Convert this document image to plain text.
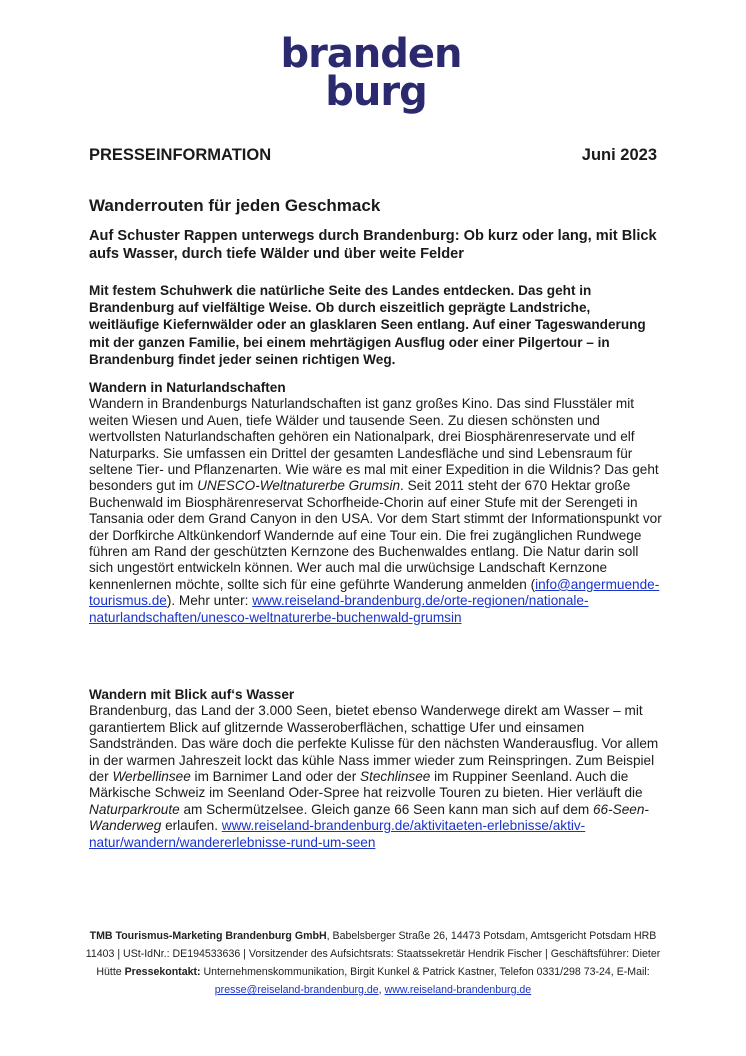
branden
burg
PRESSEINFORMATION	Juni 2023
Wanderrouten für jeden Geschmack
Auf Schuster Rappen unterwegs durch Brandenburg: Ob kurz oder lang, mit Blick aufs Wasser, durch tiefe Wälder und über weite Felder
Mit festem Schuhwerk die natürliche Seite des Landes entdecken. Das geht in Brandenburg auf vielfältige Weise. Ob durch eiszeitlich geprägte Landstriche, weitläufige Kiefernwälder oder an glasklaren Seen entlang. Auf einer Tageswanderung mit der ganzen Familie, bei einem mehrtägigen Ausflug oder einer Pilgertour – in Brandenburg findet jeder seinen richtigen Weg.
Wandern in Naturlandschaften

Wandern in Brandenburgs Naturlandschaften ist ganz großes Kino. Das sind Flusstäler mit weiten Wiesen und Auen, tiefe Wälder und tausende Seen. Zu diesen schönsten und wertvollsten Naturlandschaften gehören ein Nationalpark, drei Biosphärenreservate und elf Naturparks. Sie umfassen ein Drittel der gesamten Landesfläche und sind Lebensraum für seltene Tier- und Pflanzenarten. Wie wäre es mal mit einer Expedition in die Wildnis? Das geht besonders gut im UNESCO-Weltnaturerbe Grumsin. Seit 2011 steht der 670 Hektar große Buchenwald im Biosphärenreservat Schorfheide-Chorin auf einer Stufe mit der Serengeti in Tansania oder dem Grand Canyon in den USA. Vor dem Start stimmt der Informationspunkt vor der Dorfkirche Altkünkendorf Wandernde auf eine Tour ein. Die frei zugänglichen Rundwege führen am Rand der geschützten Kernzone des Buchenwaldes entlang. Die Natur darin soll sich ungestört entwickeln können. Wer auch mal die urwüchsige Landschaft Kernzone kennenlernen möchte, sollte sich für eine geführte Wanderung anmelden (info@angermuende-tourismus.de). Mehr unter: www.reiseland-brandenburg.de/orte-regionen/nationale-naturlandschaften/unesco-weltnaturerbe-buchenwald-grumsin

Wandern mit Blick auf‘s Wasser

Brandenburg, das Land der 3.000 Seen, bietet ebenso Wanderwege direkt am Wasser – mit garantiertem Blick auf glitzernde Wasseroberflächen, schattige Ufer und einsamen Sandstränden. Das wäre doch die perfekte Kulisse für den nächsten Wanderausflug. Vor allem in der warmen Jahreszeit lockt das kühle Nass immer wieder zum Reinspringen. Zum Beispiel der Werbellinsee im Barnimer Land oder der Stechlinsee im Ruppiner Seenland. Auch die Märkische Schweiz im Seenland Oder-Spree hat reizvolle Touren zu bieten. Hier verläuft die Naturparkroute am Schermützelsee. Gleich ganze 66 Seen kann man sich auf dem 66-Seen-Wanderweg erlaufen. www.reiseland-brandenburg.de/aktivitaeten-erlebnisse/aktiv-natur/wandern/wandererlebnisse-rund-um-seen

TMB Tourismus-Marketing Brandenburg GmbH, Babelsberger Straße 26, 14473 Potsdam, Amtsgericht Potsdam HRB 11403 | USt-IdNr.: DE194533636 | Vorsitzender des Aufsichtsrats: Staatssekretär Hendrik Fischer | Geschäftsführer: Dieter Hütte Pressekontakt: Unternehmenskommunikation, Birgit Kunkel & Patrick Kastner, Telefon 0331/298 73-24, E-Mail: presse@reiseland-brandenburg.de, www.reiseland-brandenburg.de
